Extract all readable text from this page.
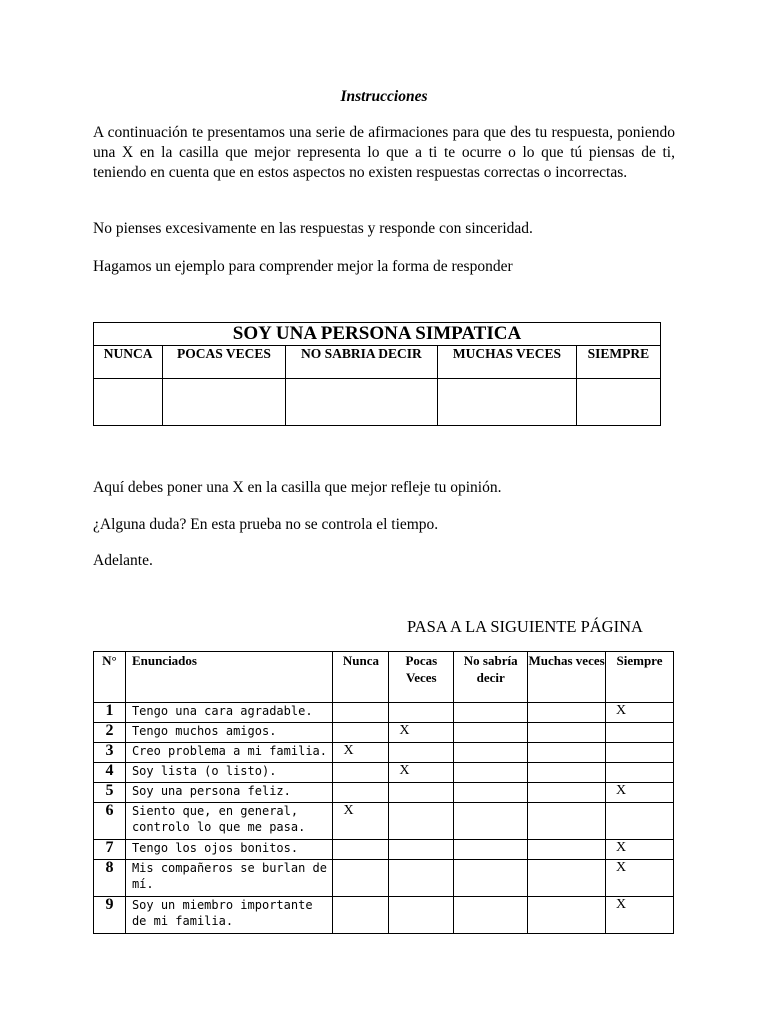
Instrucciones

A continuación te presentamos una serie de afirmaciones para que des tu respuesta, poniendo una X en la casilla que mejor representa lo que a ti te ocurre o lo que tú piensas de ti, teniendo en cuenta que en estos aspectos no existen respuestas correctas o incorrectas.

No pienses excesivamente en las respuestas y responde con sinceridad.

Hagamos un ejemplo para comprender mejor la forma de responder

SOY UNA PERSONA SIMPATICA				
NUNCA	POCAS VECES	NO SABRIA DECIR	MUCHAS VECES	SIEMPRE

Aquí debes poner una X en la casilla que mejor refleje tu opinión.

¿Alguna duda? En esta prueba no se controla el tiempo.

Adelante.

PASA A LA SIGUIENTE PÁGINA
N°	Enunciados	Nunca	Pocas Veces	No sabría decir	Muchas veces	Siempre
1	Tengo una cara agradable.					X
2	Tengo muchos amigos.		X			
3	Creo problema a mi familia.	X				
4	Soy lista (o listo).		X			
5	Soy una persona feliz.					X
6	Siento que, en general, controlo lo que me pasa.	X				
7	Tengo los ojos bonitos.					X
8	Mis compañeros se burlan de mí.					X
9	Soy un miembro importante de mi familia.					X
